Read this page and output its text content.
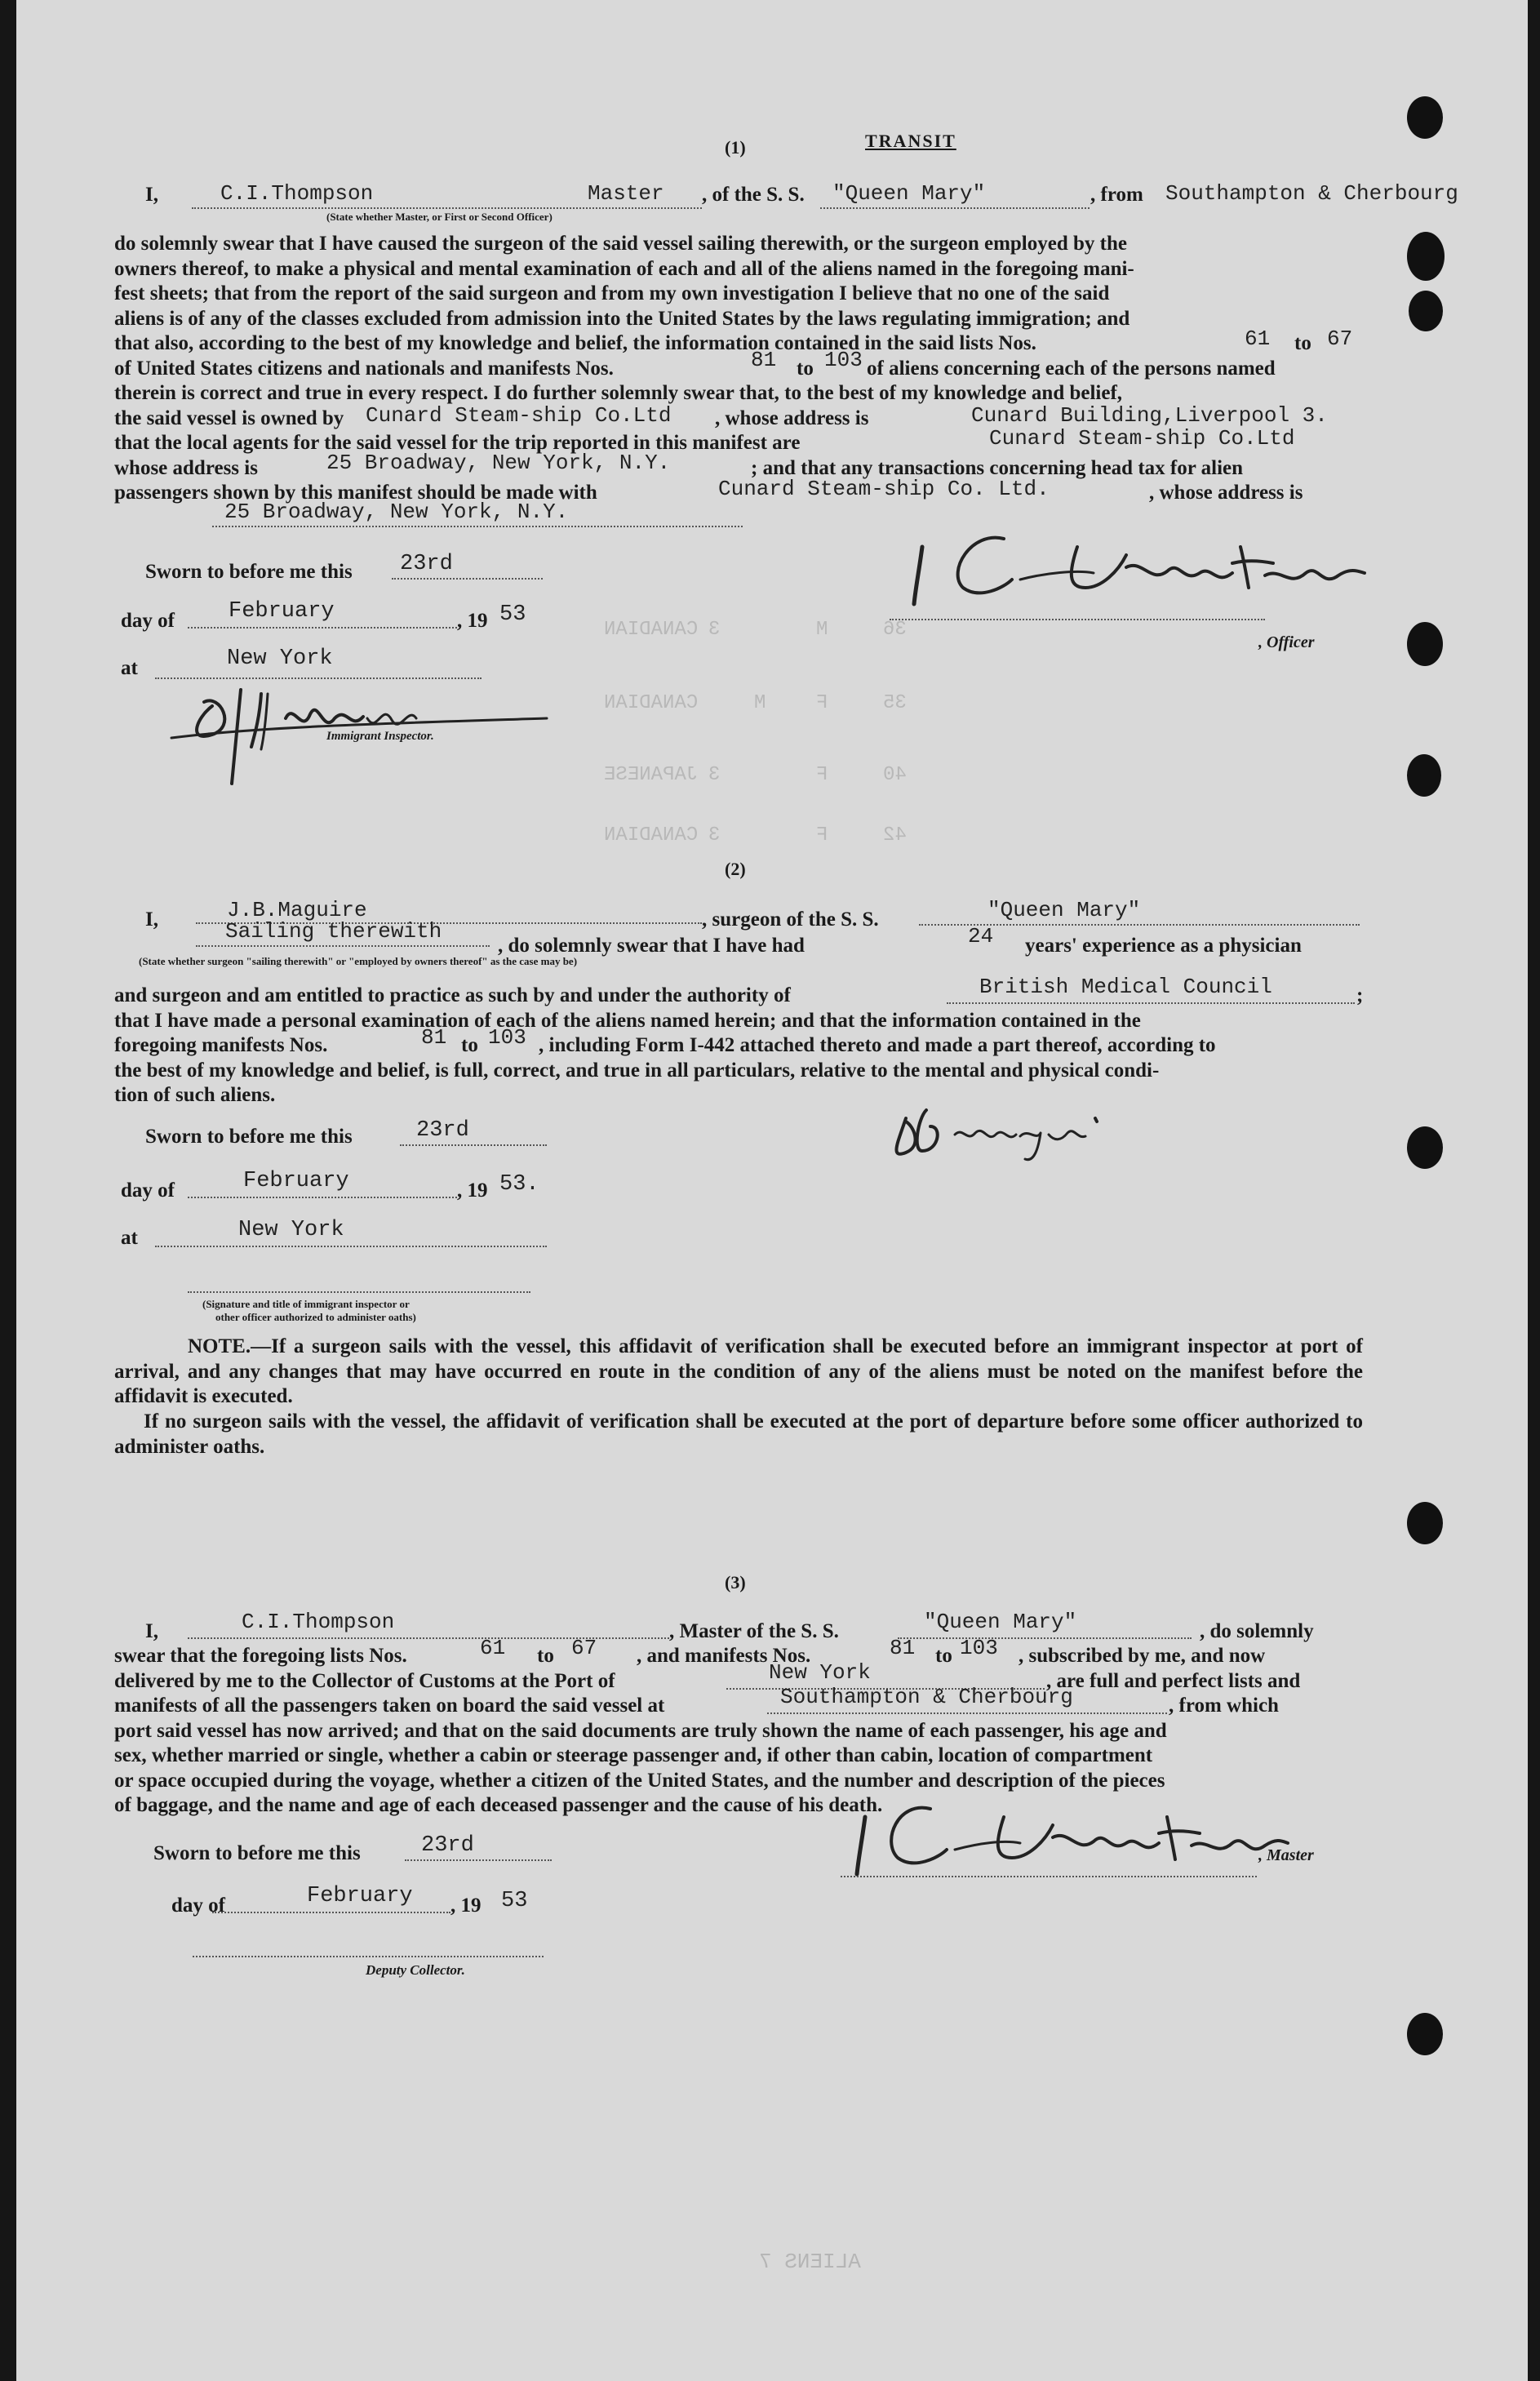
CANADIAN 3	M	36
CANADIAN	M	F	35
JAPANESE 3	F	40
CANADIAN 3	F	42
TRANSIT
(1)
I,	C.I.Thompson	Master , of the S. S. "Queen Mary"	, from Southampton & Cherbourg
(State whether Master, or First or Second Officer)
do solemnly swear that I have caused the surgeon of the said vessel sailing therewith, or the surgeon employed by the
owners thereof, to make a physical and mental examination of each and all of the aliens named in the foregoing mani-
fest sheets; that from the report of the said surgeon and from my own investigation I believe that no one of the said
aliens is of any of the classes excluded from admission into the United States by the laws regulating immigration; and
that also, according to the best of my knowledge and belief, the information contained in the said lists Nos.	61 to 67
of United States citizens and nationals and manifests Nos.	81 to 103 of aliens concerning each of the persons named
therein is correct and true in every respect. I do further solemnly swear that, to the best of my knowledge and belief,
the said vessel is owned by Cunard Steam-ship Co.Ltd , whose address is	Cunard Building,Liverpool 3.
that the local agents for the said vessel for the trip reported in this manifest are	Cunard Steam-ship Co.Ltd
whose address is	25 Broadway, New York, N.Y.	; and that any transactions concerning head tax for alien
passengers shown by this manifest should be made with	Cunard Steam-ship Co. Ltd.	, whose address is
25 Broadway, New York, N.Y.
Sworn to before me this 23rd
day of February	, 19 53
at	New York
Immigrant Inspector.
, Officer
(2)
I,	J.B.Maguire
Sailing therewith	, surgeon of the S. S.	"Queen Mary"
, do solemnly swear that I have had	24 years' experience as a physician
(State whether surgeon "sailing therewith" or "employed by owners thereof" as the case may be)
and surgeon and am entitled to practice as such by and under the authority of	British Medical Council	;
that I have made a personal examination of each of the aliens named herein; and that the information contained in the
foregoing manifests Nos.	81 to 103 , including Form I-442 attached thereto and made a part thereof, according to
the best of my knowledge and belief, is full, correct, and true in all particulars, relative to the mental and physical condi-
tion of such aliens.
Sworn to before me this	23rd
day of	February	, 19 53.
at	New York
(Signature and title of immigrant inspector or
other officer authorized to administer oaths)
NOTE.—If a surgeon sails with the vessel, this affidavit of verification shall be executed before an immigrant inspector at port of arrival, and any changes that may have occurred en route in the condition of any of the aliens must be noted on the manifest before the affidavit is executed.
If no surgeon sails with the vessel, the affidavit of verification shall be executed at the port of departure before some officer authorized to administer oaths.
(3)
I,	C.I.Thompson	, Master of the S. S.	"Queen Mary"	, do solemnly
swear that the foregoing lists Nos.	61 to 67 , and manifests Nos.	81 to 103 , subscribed by me, and now
delivered by me to the Collector of Customs at the Port of	New York	, are full and perfect lists and
manifests of all the passengers taken on board the said vessel at	Southampton & Cherbourg	, from which
port said vessel has now arrived; and that on the said documents are truly shown the name of each passenger, his age and
sex, whether married or single, whether a cabin or steerage passenger and, if other than cabin, location of compartment
or space occupied during the voyage, whether a citizen of the United States, and the number and description of the pieces
of baggage, and the name and age of each deceased passenger and the cause of his death.
Sworn to before me this	23rd
day of	February , 19 53
Deputy Collector.
, Master
ALIENS 7
